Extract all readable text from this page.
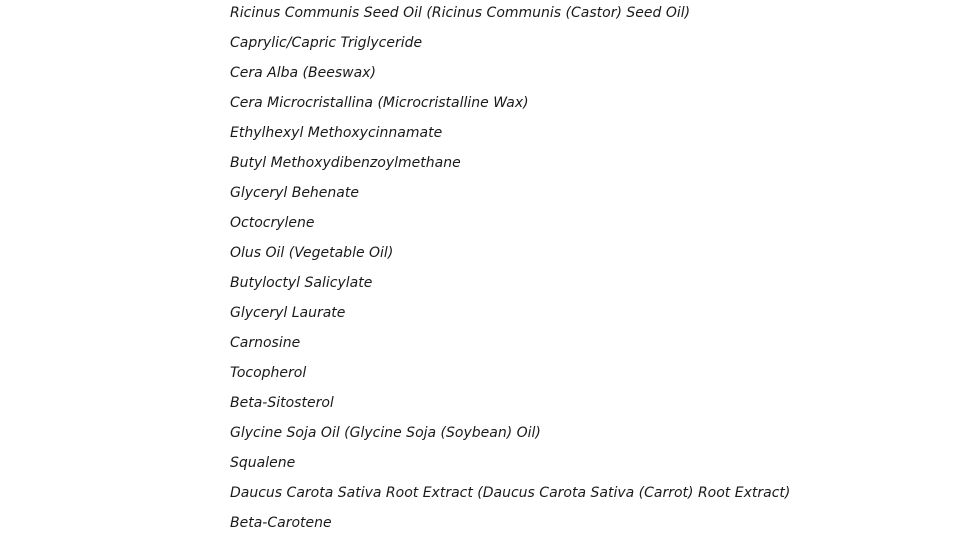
Ricinus Communis Seed Oil (Ricinus Communis (Castor) Seed Oil)
Caprylic/Capric Triglyceride
Cera Alba (Beeswax)
Cera Microcristallina (Microcristalline Wax)
Ethylhexyl Methoxycinnamate
Butyl Methoxydibenzoylmethane
Glyceryl Behenate
Octocrylene
Olus Oil (Vegetable Oil)
Butyloctyl Salicylate
Glyceryl Laurate
Carnosine
Tocopherol
Beta-Sitosterol
Glycine Soja Oil (Glycine Soja (Soybean) Oil)
Squalene
Daucus Carota Sativa Root Extract (Daucus Carota Sativa (Carrot) Root Extract)
Beta-Carotene
